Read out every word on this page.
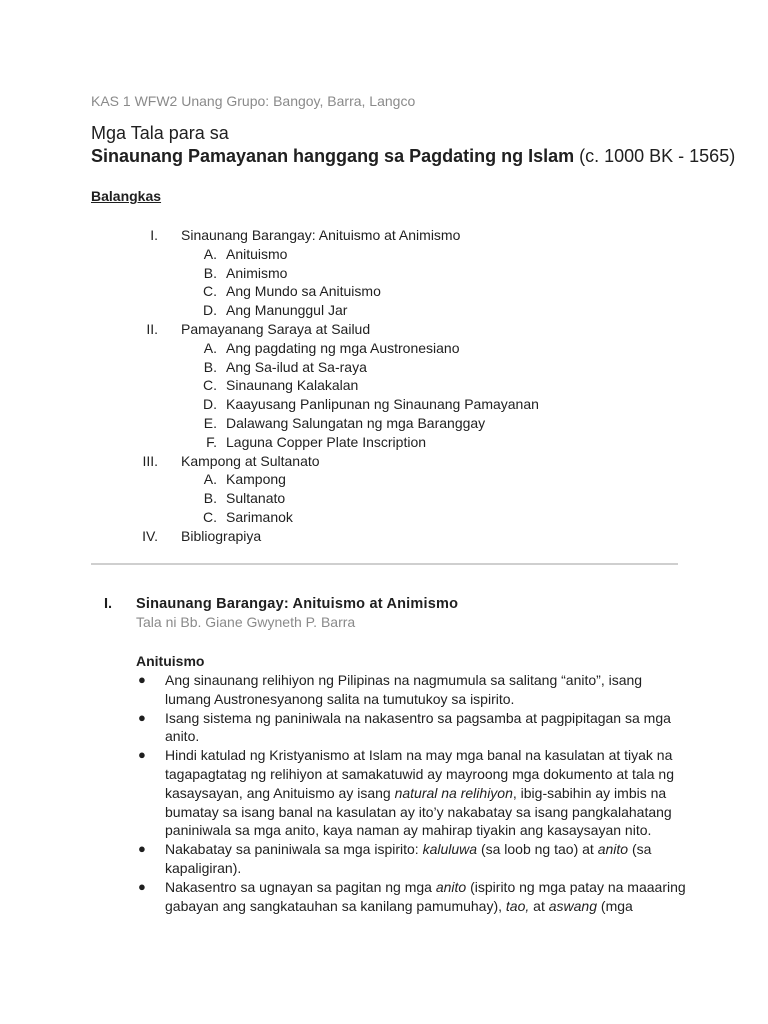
KAS 1 WFW2 Unang Grupo: Bangoy, Barra, Langco
Mga Tala para sa
Sinaunang Pamayanan hanggang sa Pagdating ng Islam (c. 1000 BK - 1565)
Balangkas
I. Sinaunang Barangay: Anituismo at Animismo
A. Anituismo
B. Animismo
C. Ang Mundo sa Anituismo
D. Ang Manunggul Jar
II. Pamayanang Saraya at Sailud
A. Ang pagdating ng mga Austronesiano
B. Ang Sa-ilud at Sa-raya
C. Sinaunang Kalakalan
D. Kaayusang Panlipunan ng Sinaunang Pamayanan
E. Dalawang Salungatan ng mga Baranggay
F. Laguna Copper Plate Inscription
III. Kampong at Sultanato
A. Kampong
B. Sultanato
C. Sarimanok
IV. Bibliograpiya
I. Sinaunang Barangay: Anituismo at Animismo
Tala ni Bb. Giane Gwyneth P. Barra
Anituismo
● Ang sinaunang relihiyon ng Pilipinas na nagmumula sa salitang “anito”, isang
lumang Austronesyanong salita na tumutukoy sa ispirito.
● Isang sistema ng paniniwala na nakasentro sa pagsamba at pagpipitagan sa mga
anito.
● Hindi katulad ng Kristyanismo at Islam na may mga banal na kasulatan at tiyak na
tagapagtatag ng relihiyon at samakatuwid ay mayroong mga dokumento at tala ng
kasaysayan, ang Anituismo ay isang natural na relihiyon, ibig-sabihin ay imbis na
bumatay sa isang banal na kasulatan ay ito’y nakabatay sa isang pangkalahatang
paniniwala sa mga anito, kaya naman ay mahirap tiyakin ang kasaysayan nito.
● Nakabatay sa paniniwala sa mga ispirito: kaluluwa (sa loob ng tao) at anito (sa
kapaligiran).
● Nakasentro sa ugnayan sa pagitan ng mga anito (ispirito ng mga patay na maaaring
gabayan ang sangkatauhan sa kanilang pamumuhay), tao, at aswang (mga
